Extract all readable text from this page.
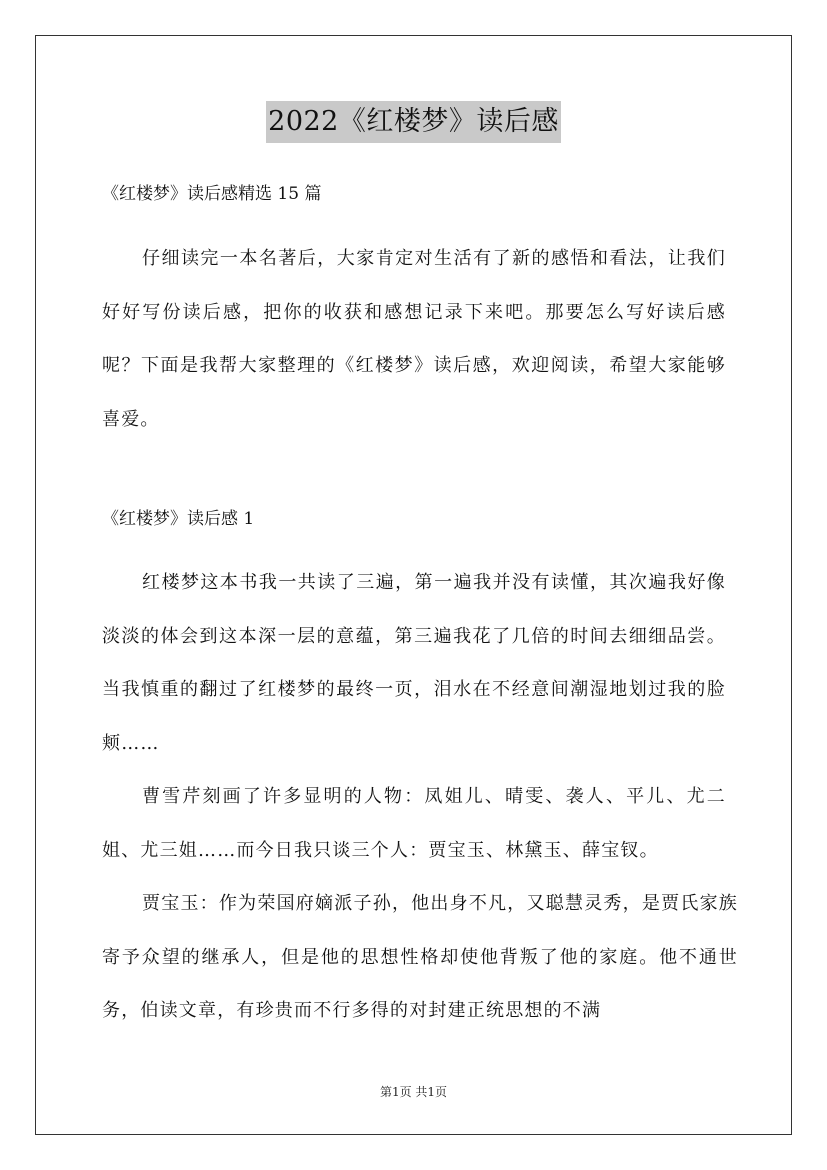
2022《红楼梦》读后感

《红楼梦》读后感精选 15 篇

仔细读完一本名著后，大家肯定对生活有了新的感悟和看法，让我们好好写份读后感，把你的收获和感想记录下来吧。那要怎么写好读后感呢？下面是我帮大家整理的《红楼梦》读后感，欢迎阅读，希望大家能够喜爱。

《红楼梦》读后感 1

红楼梦这本书我一共读了三遍，第一遍我并没有读懂，其次遍我好像淡淡的体会到这本深一层的意蕴，第三遍我花了几倍的时间去细细品尝。当我慎重的翻过了红楼梦的最终一页，泪水在不经意间潮湿地划过我的脸颊……

曹雪芹刻画了许多显明的人物：凤姐儿、晴雯、袭人、平儿、尤二姐、尤三姐……而今日我只谈三个人：贾宝玉、林黛玉、薛宝钗。

贾宝玉：作为荣国府嫡派子孙，他出身不凡，又聪慧灵秀，是贾氏家族寄予众望的继承人，但是他的思想性格却使他背叛了他的家庭。他不通世务，伯读文章，有珍贵而不行多得的对封建正统思想的不满

第1页 共1页
